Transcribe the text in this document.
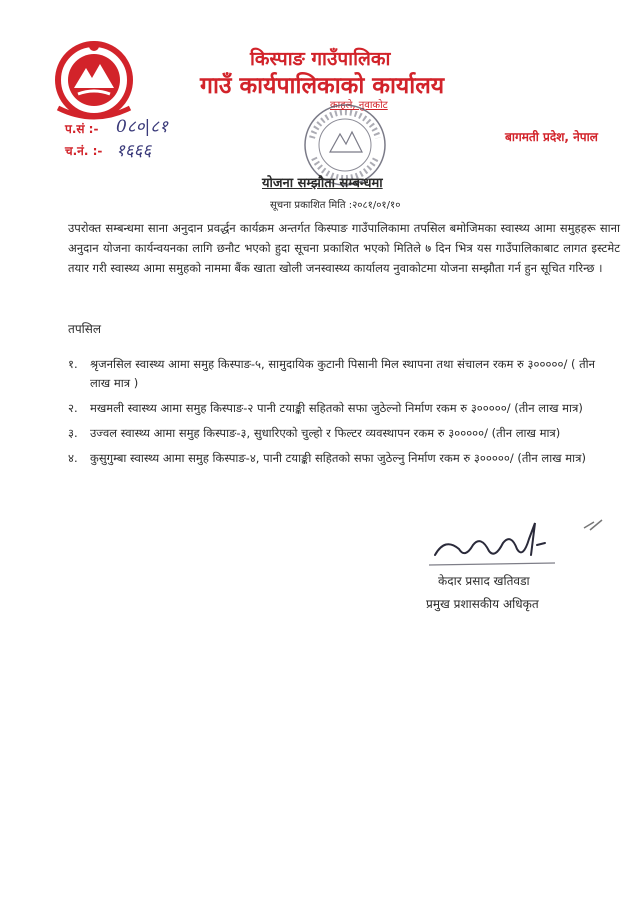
किस्पाङ गाउँपालिका
गाउँ कार्यपालिकाको कार्यालय
काहले, नुवाकोट
बागमती प्रदेश, नेपाल
प.सं :- 0८०|८१
च.नं. :- १६६६
योजना सम्झौता सम्बन्धमा
सूचना प्रकाशित मिति :२०८१/०१/१०
उपरोक्त सम्बन्धमा साना अनुदान प्रवर्द्धन कार्यक्रम अन्तर्गत किस्पाङ गाउँपालिकामा तपसिल बमोजिमका स्वास्थ्य आमा समुहहरू साना अनुदान योजना कार्यन्वयनका लागि छनौट भएको हुदा सूचना प्रकाशित भएको मितिले ७ दिन भित्र यस गाउँपालिकाबाट लागत इस्टमेट तयार गरी स्वास्थ्य आमा समुहको नाममा बैंक खाता खोली जनस्वास्थ्य कार्यालय नुवाकोटमा योजना सम्झौता गर्न हुन सूचित गरिन्छ ।
तपसिल
१.	श्रृजनसिल स्वास्थ्य आमा समुह किस्पाङ-५, सामुदायिक कुटानी पिसानी मिल स्थापना तथा संचालन रकम रु ३०००००/ ( तीन लाख मात्र )
२.	मखमली स्वास्थ्य आमा समुह किस्पाङ-२ पानी टयाङ्की सहितको सफा जुठेल्नो निर्माण रकम रु ३०००००/ (तीन लाख मात्र)
३.	उज्वल स्वास्थ्य आमा समुह किस्पाङ-३, सुधारिएको चुल्हो र फिल्टर व्यवस्थापन रकम रु ३०००००/ (तीन लाख मात्र)
४.	कुसुगुम्बा स्वास्थ्य आमा समुह किस्पाङ-४, पानी टयाङ्की सहितको सफा जुठेल्नु निर्माण रकम रु ३०००००/ (तीन लाख मात्र)
केदार प्रसाद खतिवडा
प्रमुख प्रशासकीय अधिकृत
